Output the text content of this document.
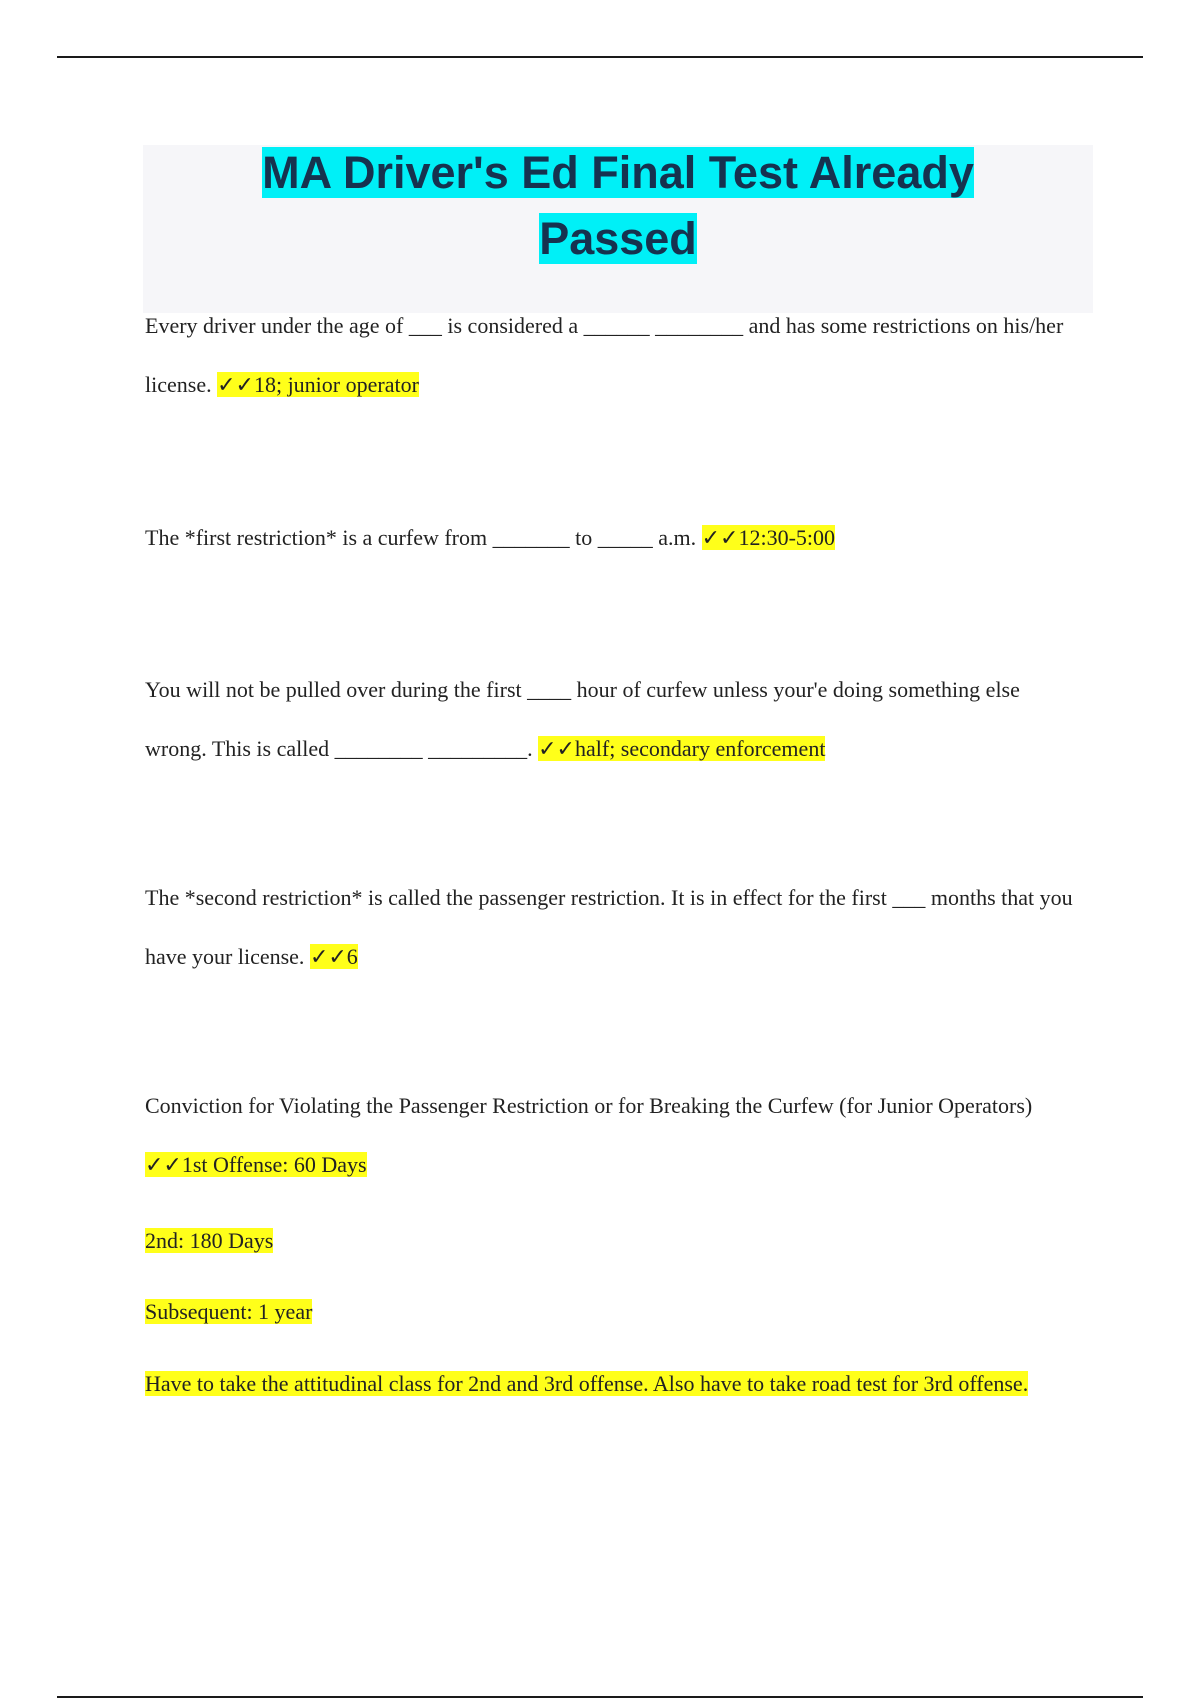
MA Driver's Ed Final Test Already Passed
Every driver under the age of ___ is considered a ______ ________ and has some restrictions on his/her license. ✓✓18; junior operator
The *first restriction* is a curfew from _______ to _____ a.m. ✓✓12:30-5:00
You will not be pulled over during the first ____ hour of curfew unless your'e doing something else wrong. This is called ________ _________. ✓✓half; secondary enforcement
The *second restriction* is called the passenger restriction. It is in effect for the first ___ months that you have your license. ✓✓6
Conviction for Violating the Passenger Restriction or for Breaking the Curfew (for Junior Operators) ✓✓1st Offense: 60 Days
2nd: 180 Days
Subsequent: 1 year
Have to take the attitudinal class for 2nd and 3rd offense. Also have to take road test for 3rd offense.
